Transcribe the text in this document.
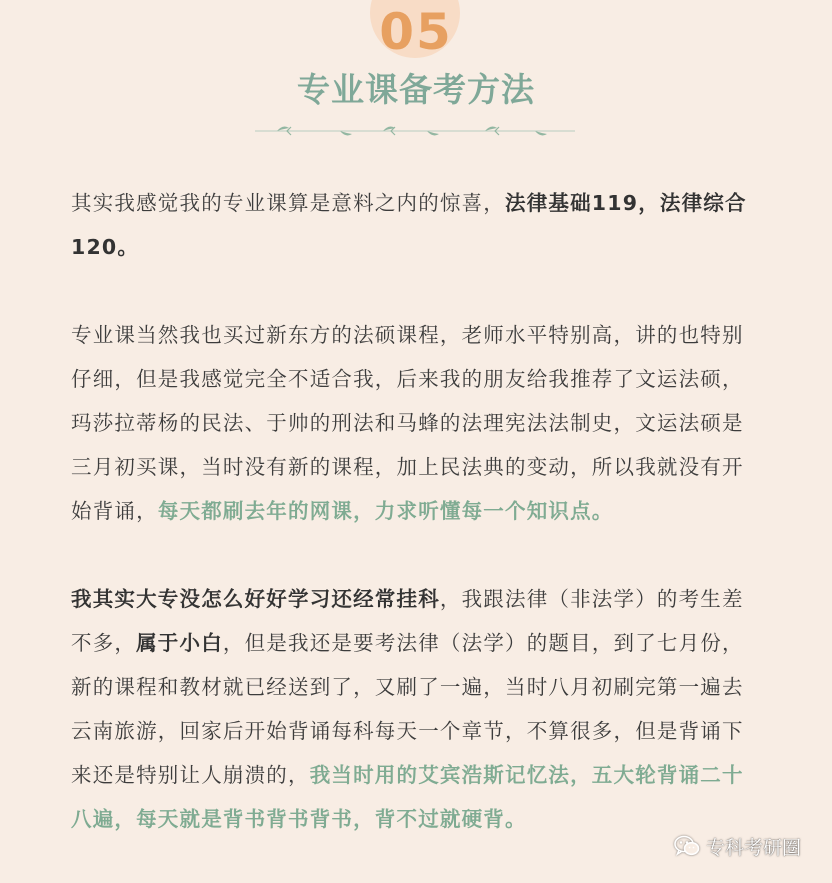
05
专业课备考方法

其实我感觉我的专业课算是意料之内的惊喜，法律基础119，法律综合120。

专业课当然我也买过新东方的法硕课程，老师水平特别高，讲的也特别仔细，但是我感觉完全不适合我，后来我的朋友给我推荐了文运法硕，玛莎拉蒂杨的民法、于帅的刑法和马蜂的法理宪法法制史，文运法硕是三月初买课，当时没有新的课程，加上民法典的变动，所以我就没有开始背诵，每天都刷去年的网课，力求听懂每一个知识点。

我其实大专没怎么好好学习还经常挂科，我跟法律（非法学）的考生差不多，属于小白，但是我还是要考法律（法学）的题目，到了七月份，新的课程和教材就已经送到了，又刷了一遍，当时八月初刷完第一遍去云南旅游，回家后开始背诵每科每天一个章节，不算很多，但是背诵下来还是特别让人崩溃的，我当时用的艾宾浩斯记忆法，五大轮背诵二十八遍，每天就是背书背书背书，背不过就硬背。

专科考研圈
